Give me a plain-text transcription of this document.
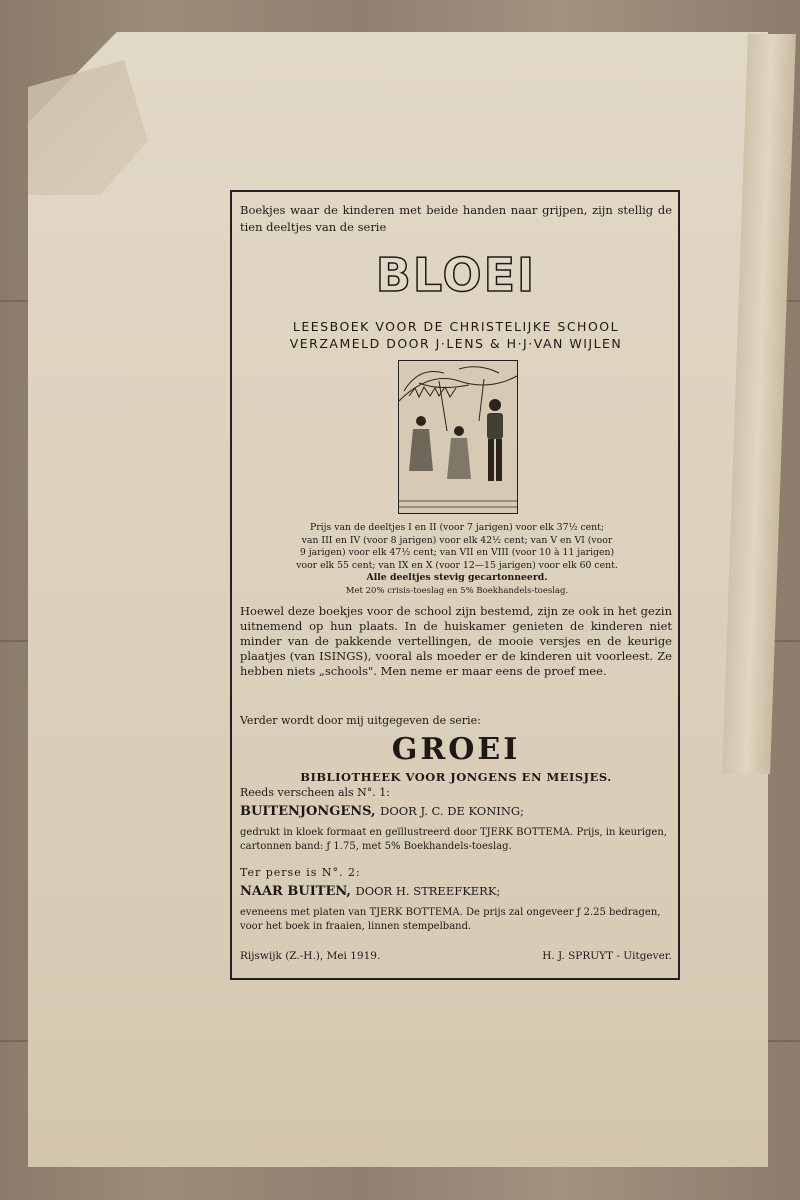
Boekjes waar de kinderen met beide handen naar grijpen, zijn stellig de tien deeltjes van de serie

BLOEI

LEESBOEK VOOR DE CHRISTELIJKE SCHOOL
VERZAMELD DOOR J·LENS & H·J·VAN WIJLEN
Prijs van de deeltjes I en II (voor 7 jarigen) voor elk 37½ cent;
van III en IV (voor 8 jarigen) voor elk 42½ cent; van V en VI (voor
9 jarigen) voor elk 47½ cent; van VII en VIII (voor 10 à 11 jarigen)
voor elk 55 cent; van IX en X (voor 12—15 jarigen) voor elk 60 cent.
Alle deeltjes stevig gecartonneerd.
Met 20% crisis-toeslag en 5% Boekhandels-toeslag.

Hoewel deze boekjes voor de school zijn bestemd, zijn ze ook in het gezin uitnemend op hun plaats. In de huiskamer genieten de kinderen niet minder van de pakkende vertellingen, de mooie versjes en de keurige plaatjes (van ISINGS), vooral als moeder er de kinderen uit voorleest. Ze hebben niets „schools". Men neme er maar eens de proef mee.

Verder wordt door mij uitgegeven de serie:

GROEI

BIBLIOTHEEK VOOR JONGENS EN MEISJES.

Reeds verscheen als N°. 1:

BUITENJONGENS, DOOR J. C. DE KONING;

gedrukt in kloek formaat en geïllustreerd door TJERK BOTTEMA. Prijs, in keurigen, cartonnen band: ƒ 1.75, met 5% Boekhandels-toeslag.

Ter perse is N°. 2:

NAAR BUITEN, DOOR H. STREEFKERK;

eveneens met platen van TJERK BOTTEMA. De prijs zal ongeveer ƒ 2.25 bedragen, voor het boek in fraaien, linnen stempelband.

Rijswijk (Z.-H.), Mei 1919.	H. J. SPRUYT - Uitgever.
